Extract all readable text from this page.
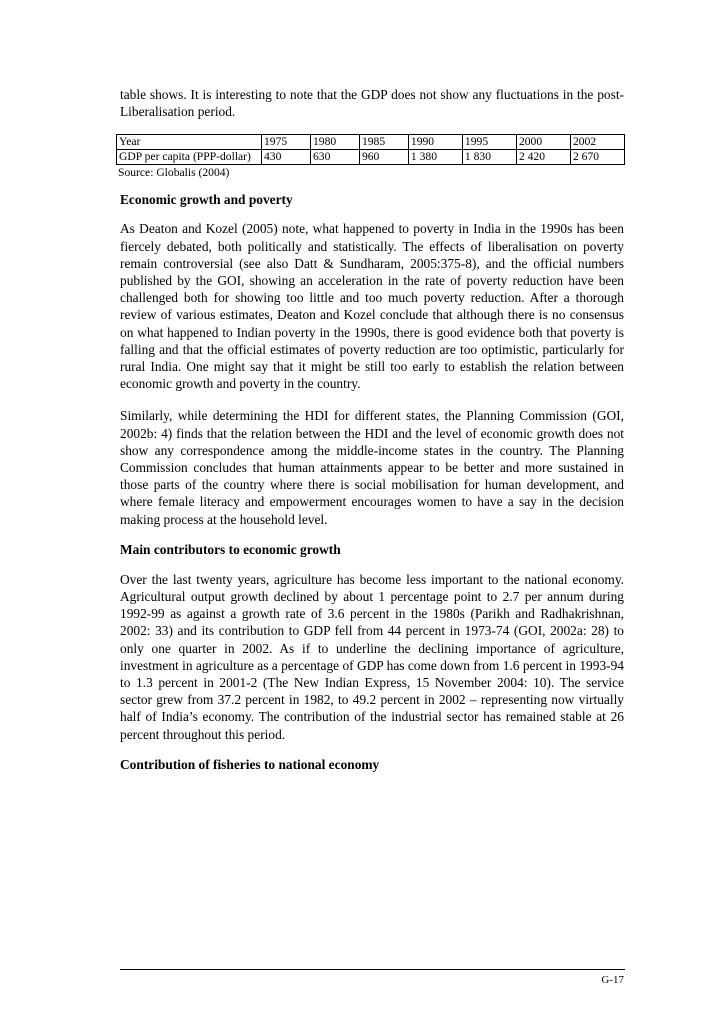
table shows. It is interesting to note that the GDP does not show any fluctuations in the post-Liberalisation period.

Year	1975	1980	1985	1990	1995	2000	2002
GDP per capita (PPP-dollar)	430	630	960	1 380	1 830	2 420	2 670
Source: Globalis (2004)
Economic growth and poverty

As Deaton and Kozel (2005) note, what happened to poverty in India in the 1990s has been fiercely debated, both politically and statistically. The effects of liberalisation on poverty remain controversial (see also Datt & Sundharam, 2005:375-8), and the official numbers published by the GOI, showing an acceleration in the rate of poverty reduction have been challenged both for showing too little and too much poverty reduction. After a thorough review of various estimates, Deaton and Kozel conclude that although there is no consensus on what happened to Indian poverty in the 1990s, there is good evidence both that poverty is falling and that the official estimates of poverty reduction are too optimistic, particularly for rural India. One might say that it might be still too early to establish the relation between economic growth and poverty in the country.

Similarly, while determining the HDI for different states, the Planning Commission (GOI, 2002b: 4) finds that the relation between the HDI and the level of economic growth does not show any correspondence among the middle-income states in the country. The Planning Commission concludes that human attainments appear to be better and more sustained in those parts of the country where there is social mobilisation for human development, and where female literacy and empowerment encourages women to have a say in the decision making process at the household level.

Main contributors to economic growth

Over the last twenty years, agriculture has become less important to the national economy. Agricultural output growth declined by about 1 percentage point to 2.7 per annum during 1992-99 as against a growth rate of 3.6 percent in the 1980s (Parikh and Radhakrishnan, 2002: 33) and its contribution to GDP fell from 44 percent in 1973-74 (GOI, 2002a: 28) to only one quarter in 2002. As if to underline the declining importance of agriculture, investment in agriculture as a percentage of GDP has come down from 1.6 percent in 1993-94 to 1.3 percent in 2001-2 (The New Indian Express, 15 November 2004: 10). The service sector grew from 37.2 percent in 1982, to 49.2 percent in 2002 – representing now virtually half of India’s economy. The contribution of the industrial sector has remained stable at 26 percent throughout this period.

Contribution of fisheries to national economy
G-17
